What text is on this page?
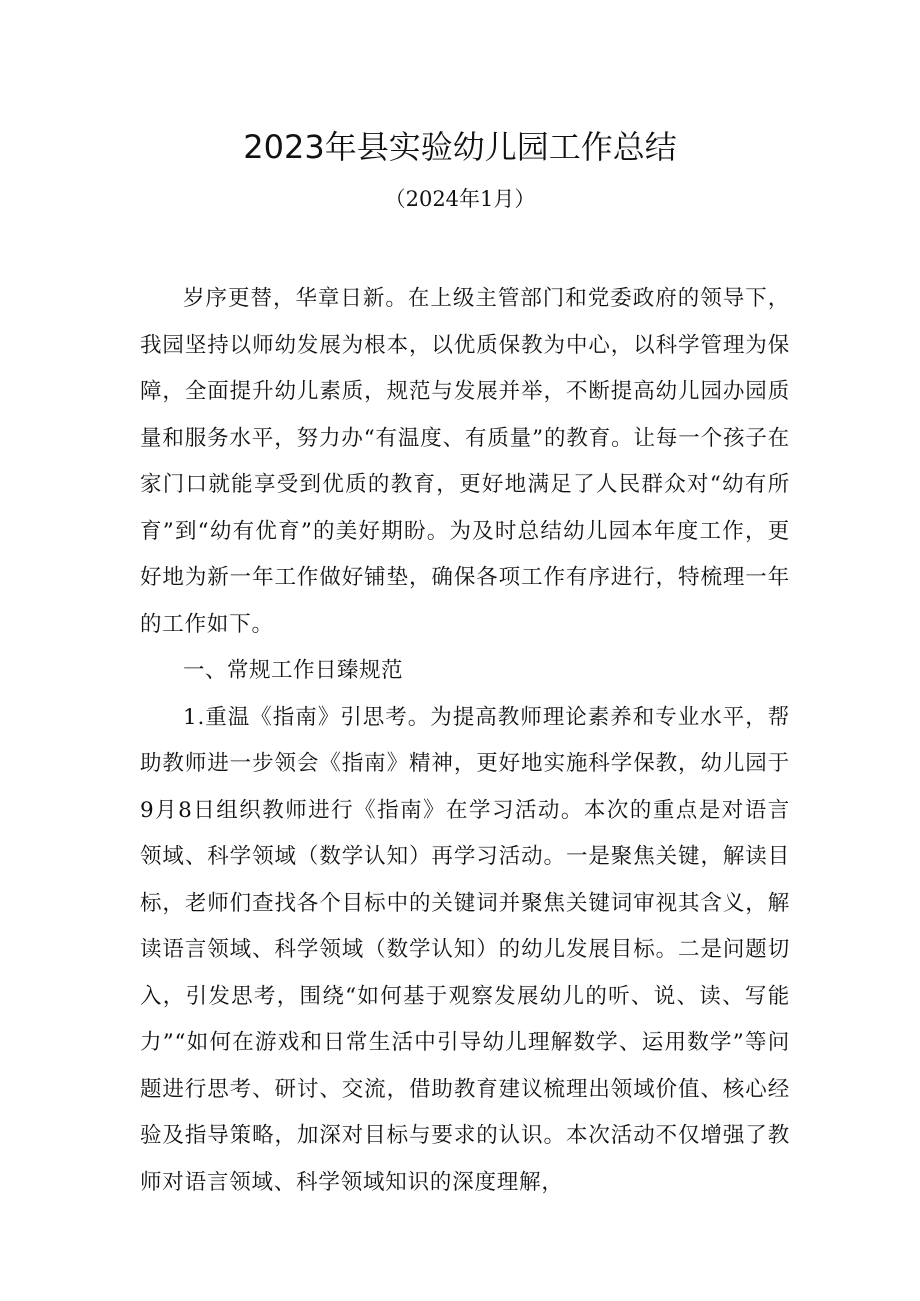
2023年县实验幼儿园工作总结

（2024年1月）

岁序更替，华章日新。在上级主管部门和党委政府的领导下，我园坚持以师幼发展为根本，以优质保教为中心，以科学管理为保障，全面提升幼儿素质，规范与发展并举，不断提高幼儿园办园质量和服务水平，努力办“有温度、有质量”的教育。让每一个孩子在家门口就能享受到优质的教育，更好地满足了人民群众对“幼有所育”到“幼有优育”的美好期盼。为及时总结幼儿园本年度工作，更好地为新一年工作做好铺垫，确保各项工作有序进行，特梳理一年的工作如下。

一、常规工作日臻规范

1.重温《指南》引思考。为提高教师理论素养和专业水平，帮助教师进一步领会《指南》精神，更好地实施科学保教，幼儿园于9月8日组织教师进行《指南》在学习活动。本次的重点是对语言领域、科学领域（数学认知）再学习活动。一是聚焦关键，解读目标，老师们查找各个目标中的关键词并聚焦关键词审视其含义，解读语言领域、科学领域（数学认知）的幼儿发展目标。二是问题切入，引发思考，围绕“如何基于观察发展幼儿的听、说、读、写能力”“如何在游戏和日常生活中引导幼儿理解数学、运用数学”等问题进行思考、研讨、交流，借助教育建议梳理出领域价值、核心经验及指导策略，加深对目标与要求的认识。本次活动不仅增强了教师对语言领域、科学领域知识的深度理解，
